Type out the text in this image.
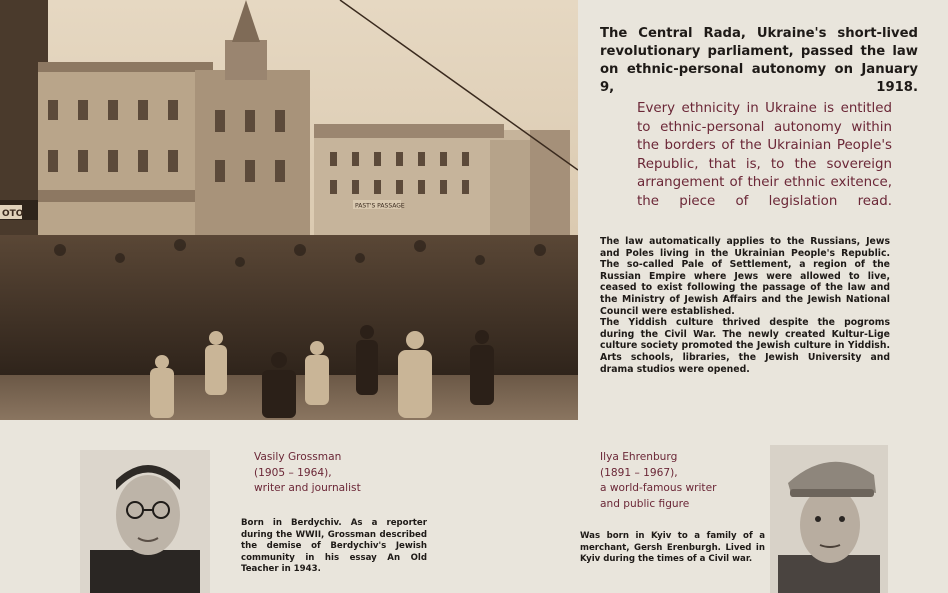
OTO
PAST'S PASSAGE

The Central Rada, Ukraine's short-lived revolutionary parliament, passed the law on ethnic-personal autonomy on January 9, 1918.

Every ethnicity in Ukraine is entitled to ethnic-personal autonomy within the borders of the Ukrainian People's Republic, that is, to the sovereign arrangement of their ethnic exitence, the piece of legislation read.

The law automatically applies to the Russians, Jews and Poles living in the Ukrainian People's Republic. The so-called Pale of Settlement, a region of the Russian Empire where Jews were allowed to live, ceased to exist following the passage of the law and the Ministry of Jewish Affairs and the Jewish National Council were established.

The Yiddish culture thrived despite the pogroms during the Civil War. The newly created Kultur-Lige culture society promoted the Jewish culture in Yiddish. Arts schools, libraries, the Jewish University and drama studios were opened.

Vasily Grossman
(1905 – 1964),
writer and journalist

Born in Berdychiv. As a reporter during the WWII, Grossman described the demise of Berdychiv's Jewish community in his essay An Old Teacher in 1943.

Ilya Ehrenburg
(1891 – 1967),
a world-famous writer
and public figure

Was born in Kyiv to a family of a merchant, Gersh Erenburgh. Lived in Kyiv during the times of a Civil war.
